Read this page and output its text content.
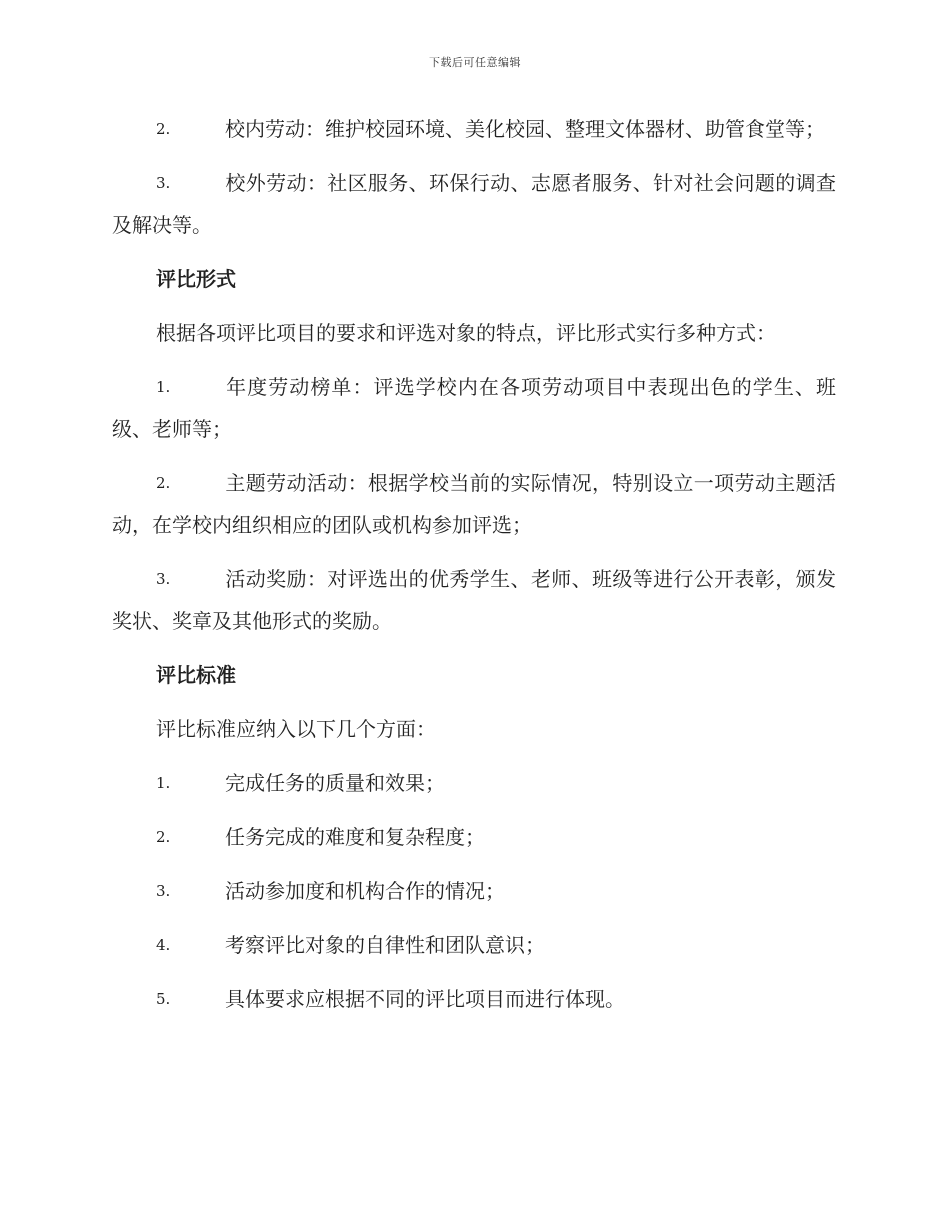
下载后可任意编辑
2.	校内劳动：维护校园环境、美化校园、整理文体器材、助管食堂等；
3.	校外劳动：社区服务、环保行动、志愿者服务、针对社会问题的调查及解决等。
评比形式
根据各项评比项目的要求和评选对象的特点，评比形式实行多种方式：
1.	年度劳动榜单：评选学校内在各项劳动项目中表现出色的学生、班级、老师等；
2.	主题劳动活动：根据学校当前的实际情况，特别设立一项劳动主题活动，在学校内组织相应的团队或机构参加评选；
3.	活动奖励：对评选出的优秀学生、老师、班级等进行公开表彰，颁发奖状、奖章及其他形式的奖励。
评比标准
评比标准应纳入以下几个方面：
1.	完成任务的质量和效果；
2.	任务完成的难度和复杂程度；
3.	活动参加度和机构合作的情况；
4.	考察评比对象的自律性和团队意识；
5.	具体要求应根据不同的评比项目而进行体现。
